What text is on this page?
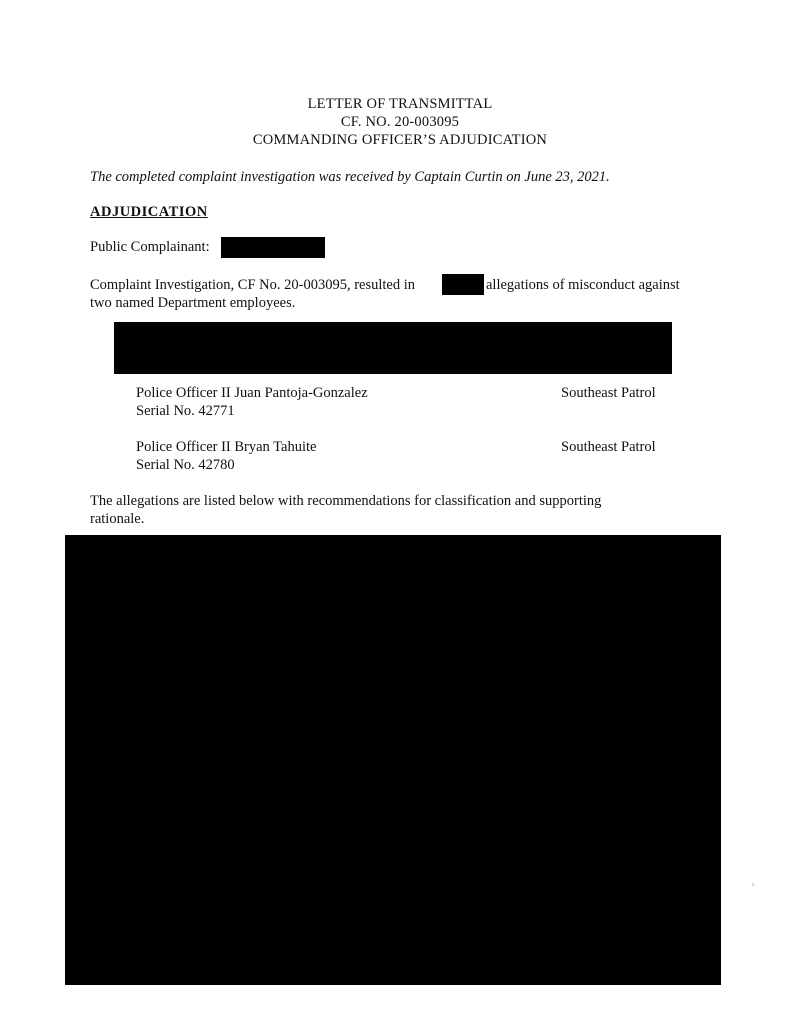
LETTER OF TRANSMITTAL
CF. NO. 20-003095
COMMANDING OFFICER’S ADJUDICATION
The completed complaint investigation was received by Captain Curtin on June 23, 2021.
ADJUDICATION
Public Complainant:
Complaint Investigation, CF No. 20-003095, resulted in	allegations of misconduct against
two named Department employees.
Police Officer II Juan Pantoja-Gonzalez
Serial No. 42771
Southeast Patrol
Police Officer II Bryan Tahuite
Serial No. 42780
Southeast Patrol
The allegations are listed below with recommendations for classification and supporting
rationale.
